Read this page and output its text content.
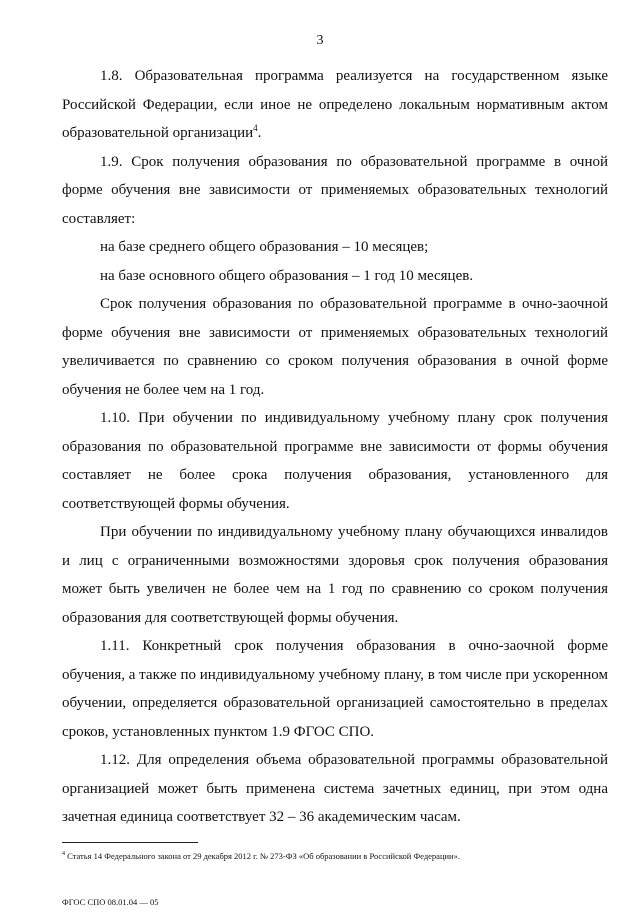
3

1.8. Образовательная программа реализуется на государственном языке Российской Федерации, если иное не определено локальным нормативным актом образовательной организации$^4$.

1.9. Срок получения образования по образовательной программе в очной форме обучения вне зависимости от применяемых образовательных технологий составляет:

на базе среднего общего образования – 10 месяцев;

на базе основного общего образования – 1 год 10 месяцев.

Срок получения образования по образовательной программе в очно-заочной форме обучения вне зависимости от применяемых образовательных технологий увеличивается по сравнению со сроком получения образования в очной форме обучения не более чем на 1 год.

1.10. При обучении по индивидуальному учебному плану срок получения образования по образовательной программе вне зависимости от формы обучения составляет не более срока получения образования, установленного для соответствующей формы обучения.

При обучении по индивидуальному учебному плану обучающихся инвалидов и лиц с ограниченными возможностями здоровья срок получения образования может быть увеличен не более чем на 1 год по сравнению со сроком получения образования для соответствующей формы обучения.

1.11. Конкретный срок получения образования в очно-заочной форме обучения, а также по индивидуальному учебному плану, в том числе при ускоренном обучении, определяется образовательной организацией самостоятельно в пределах сроков, установленных пунктом 1.9 ФГОС СПО.

1.12. Для определения объема образовательной программы образовательной организацией может быть применена система зачетных единиц, при этом одна зачетная единица соответствует 32 – 36 академическим часам.

$^4$ Статья 14 Федерального закона от 29 декабря 2012 г. № 273-ФЗ «Об образовании в Российской Федерации».
ФГОС СПО 08.01.04 — 05
